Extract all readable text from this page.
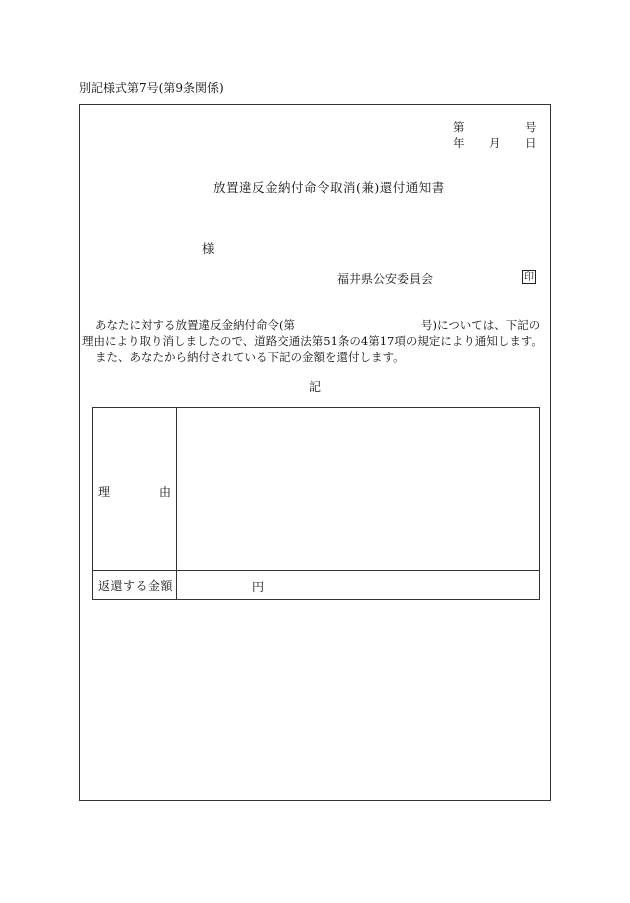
別記様式第7号(第9条関係)
第	号
年 月 日
放置違反金納付命令取消(兼)還付通知書
様
福井県公安委員会	印
あなたに対する放置違反金納付命令(第	号)については、下記の
理由により取り消しましたので、道路交通法第51条の4第17項の規定により通知します。
また、あなたから納付されている下記の金額を還付します。
記
理 由	

返還する金額	円
